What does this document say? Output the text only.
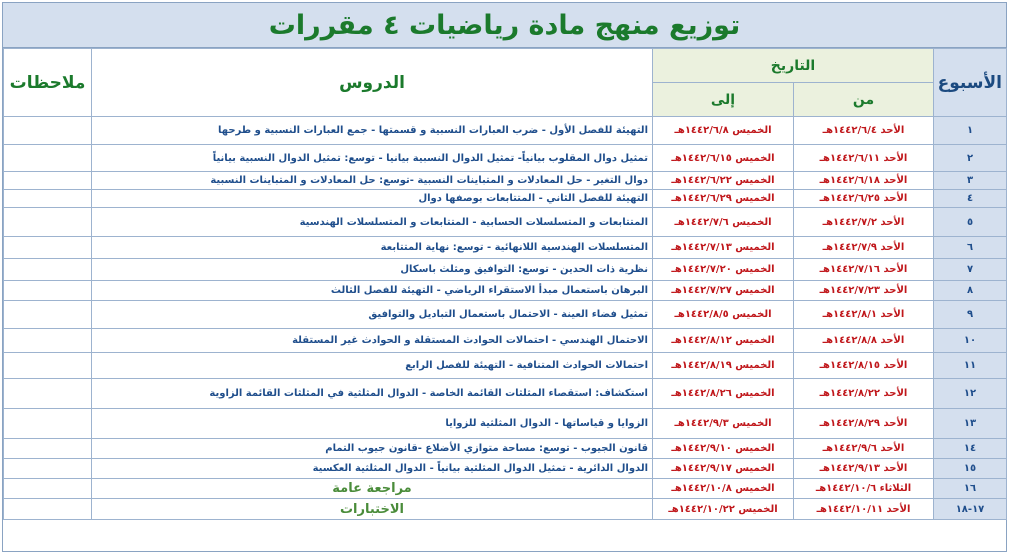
توزيع منهج مادة رياضيات ٤ مقررات
الأسبوع	التاريخ		الدروس	ملاحظات
	من	إلى		
١	الأحد ١٤٤٢/٦/٤هـ	الخميس ١٤٤٢/٦/٨هـ	التهيئة للفصل الأول - ضرب العبارات النسبية و قسمتها - جمع العبارات النسبية و طرحها	
٢	الأحد ١٤٤٢/٦/١١هـ	الخميس ١٤٤٢/٦/١٥هـ	تمثيل دوال المقلوب بيانياً- تمثيل الدوال النسبية بيانيا - توسع: تمثيل الدوال النسبية بيانياً	
٣	الأحد ١٤٤٢/٦/١٨هـ	الخميس ١٤٤٢/٦/٢٢هـ	دوال التغير - حل المعادلات و المتباينات النسبية -توسع: حل المعادلات و المتباينات النسبية	
٤	الأحد ١٤٤٢/٦/٢٥هـ	الخميس ١٤٤٢/٦/٢٩هـ	التهيئة للفصل الثاني - المتتابعات بوصفها دوال	
٥	الأحد ١٤٤٢/٧/٢هـ	الخميس ١٤٤٢/٧/٦هـ	المتتابعات و المتسلسلات الحسابية - المتتابعات و المتسلسلات الهندسية	
٦	الأحد ١٤٤٢/٧/٩هـ	الخميس ١٤٤٢/٧/١٣هـ	المتسلسلات الهندسية اللانهائية - توسع: نهاية المتتابعة	
٧	الأحد ١٤٤٢/٧/١٦هـ	الخميس ١٤٤٢/٧/٢٠هـ	نظرية ذات الحدين - توسع: التوافيق ومثلث باسكال	
٨	الأحد ١٤٤٢/٧/٢٣هـ	الخميس ١٤٤٢/٧/٢٧هـ	البرهان باستعمال مبدأ الاستقراء الرياضي - التهيئة للفصل الثالث	
٩	الأحد ١٤٤٢/٨/١هـ	الخميس ١٤٤٢/٨/٥هـ	تمثيل فضاء العينة - الاحتمال باستعمال التباديل والتوافيق	
١٠	الأحد ١٤٤٢/٨/٨هـ	الخميس ١٤٤٢/٨/١٢هـ	الاحتمال الهندسي - احتمالات الحوادث المستقلة و الحوادث غير المستقلة	
١١	الأحد ١٤٤٢/٨/١٥هـ	الخميس ١٤٤٢/٨/١٩هـ	احتمالات الحوادث المتنافية - التهيئة للفصل الرابع	
١٢	الأحد ١٤٤٢/٨/٢٢هـ	الخميس ١٤٤٢/٨/٢٦هـ	استكشاف: استقصاء المثلثات القائمة الخاصة - الدوال المثلثية في المثلثات القائمة الزاوية	
١٣	الأحد ١٤٤٢/٨/٢٩هـ	الخميس ١٤٤٢/٩/٣هـ	الزوايا و قياساتها - الدوال المثلثية للزوايا	
١٤	الأحد ١٤٤٢/٩/٦هـ	الخميس ١٤٤٢/٩/١٠هـ	قانون الجيوب - توسع: مساحة متوازي الأضلاع -قانون جيوب التمام	
١٥	الأحد ١٤٤٢/٩/١٣هـ	الخميس ١٤٤٢/٩/١٧هـ	الدوال الدائرية - تمثيل الدوال المثلثية بيانياً - الدوال المثلثية العكسية	
١٦	الثلاثاء ١٤٤٢/١٠/٦هـ	الخميس ١٤٤٢/١٠/٨هـ	مراجعة عامة	
١٧-١٨	الأحد ١٤٤٢/١٠/١١هـ	الخميس ١٤٤٢/١٠/٢٢هـ	الاختبارات	
